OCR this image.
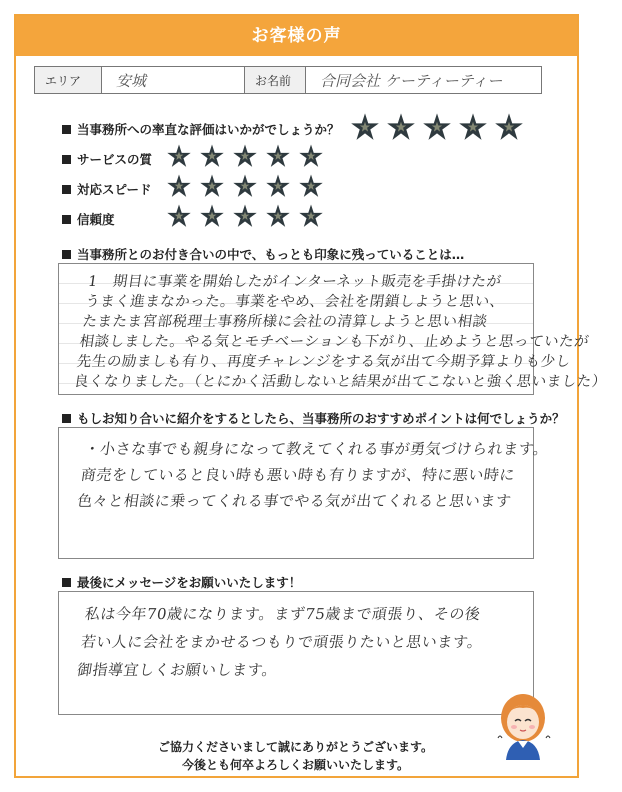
お客様の声
エリア	安城	お名前	合同会社 ケーティーティー
当事務所への率直な評価はいかがでしょうか？
サービスの質
対応スピード
信頼度
当事務所とのお付き合いの中で、もっとも印象に残っていることは…

1　期目に事業を開始したがインターネット販売を手掛けたが

うまく進まなかった。事業をやめ、会社を閉鎖しようと思い、

たまたま宮部税理士事務所様に会社の清算しようと思い相談

相談しました。やる気とモチベーションも下がり、止めようと思っていたが

先生の励ましも有り、再度チャレンジをする気が出て今期予算よりも少し

良くなりました。（とにかく活動しないと結果が出てこないと強く思いました）

もしお知り合いに紹介をするとしたら、当事務所のおすすめポイントは何でしょうか？

・小さな事でも親身になって教えてくれる事が勇気づけられます。

商売をしていると良い時も悪い時も有りますが、特に悪い時に

色々と相談に乗ってくれる事でやる気が出てくれると思います

最後にメッセージをお願いいたします！

私は今年70歳になります。まず75歳まで頑張り、その後

若い人に会社をまかせるつもりで頑張りたいと思います。

御指導宜しくお願いします。

ご協力くださいまして誠にありがとうございます。
今後とも何卒よろしくお願いいたします。
